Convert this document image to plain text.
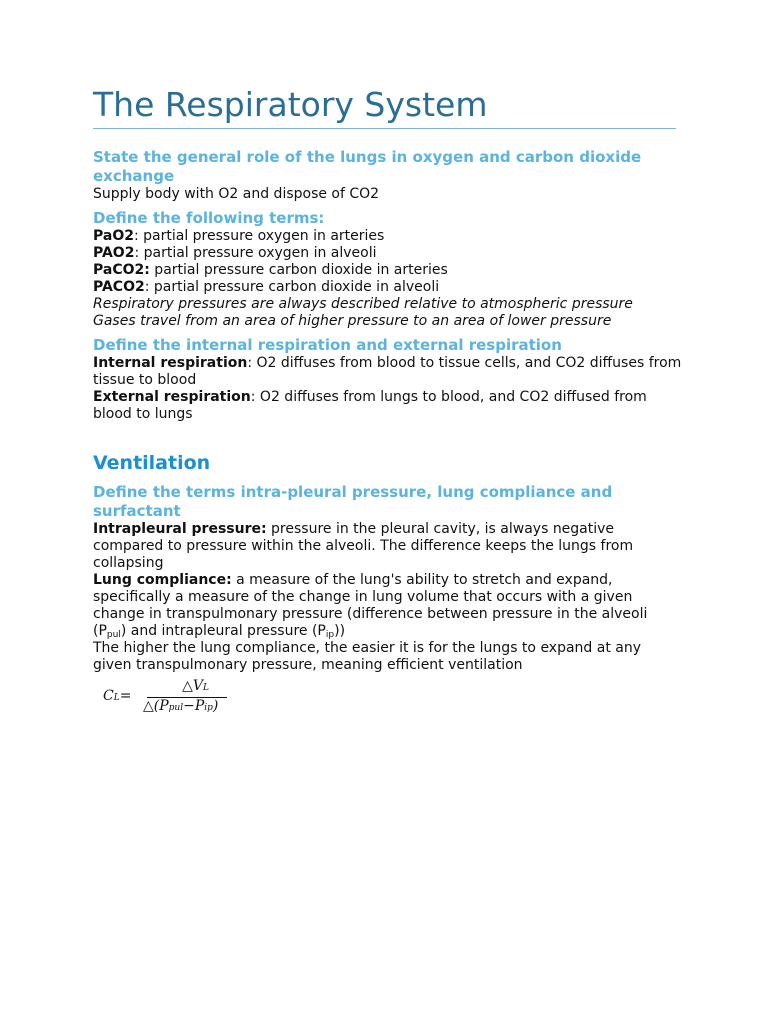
The Respiratory System

State the general role of the lungs in oxygen and carbon dioxide exchange

Supply body with O2 and dispose of CO2

Define the following terms:

PaO2: partial pressure oxygen in arteries

PAO2: partial pressure oxygen in alveoli

PaCO2: partial pressure carbon dioxide in arteries

PACO2: partial pressure carbon dioxide in alveoli

Respiratory pressures are always described relative to atmospheric pressure

Gases travel from an area of higher pressure to an area of lower pressure

Define the internal respiration and external respiration

Internal respiration: O2 diffuses from blood to tissue cells, and CO2 diffuses from tissue to blood

External respiration: O2 diffuses from lungs to blood, and CO2 diffused from blood to lungs

Ventilation

Define the terms intra-pleural pressure, lung compliance and surfactant

Intrapleural pressure: pressure in the pleural cavity, is always negative compared to pressure within the alveoli. The difference keeps the lungs from collapsing

Lung compliance: a measure of the lung's ability to stretch and expand, specifically a measure of the change in lung volume that occurs with a given change in transpulmonary pressure (difference between pressure in the alveoli $(P_{pul})$ and intrapleural pressure $(P_{ip})$)

The higher the lung compliance, the easier it is for the lungs to expand at any given transpulmonary pressure, meaning efficient ventilation

CL=
△VL
△(Ppul−Pip)
